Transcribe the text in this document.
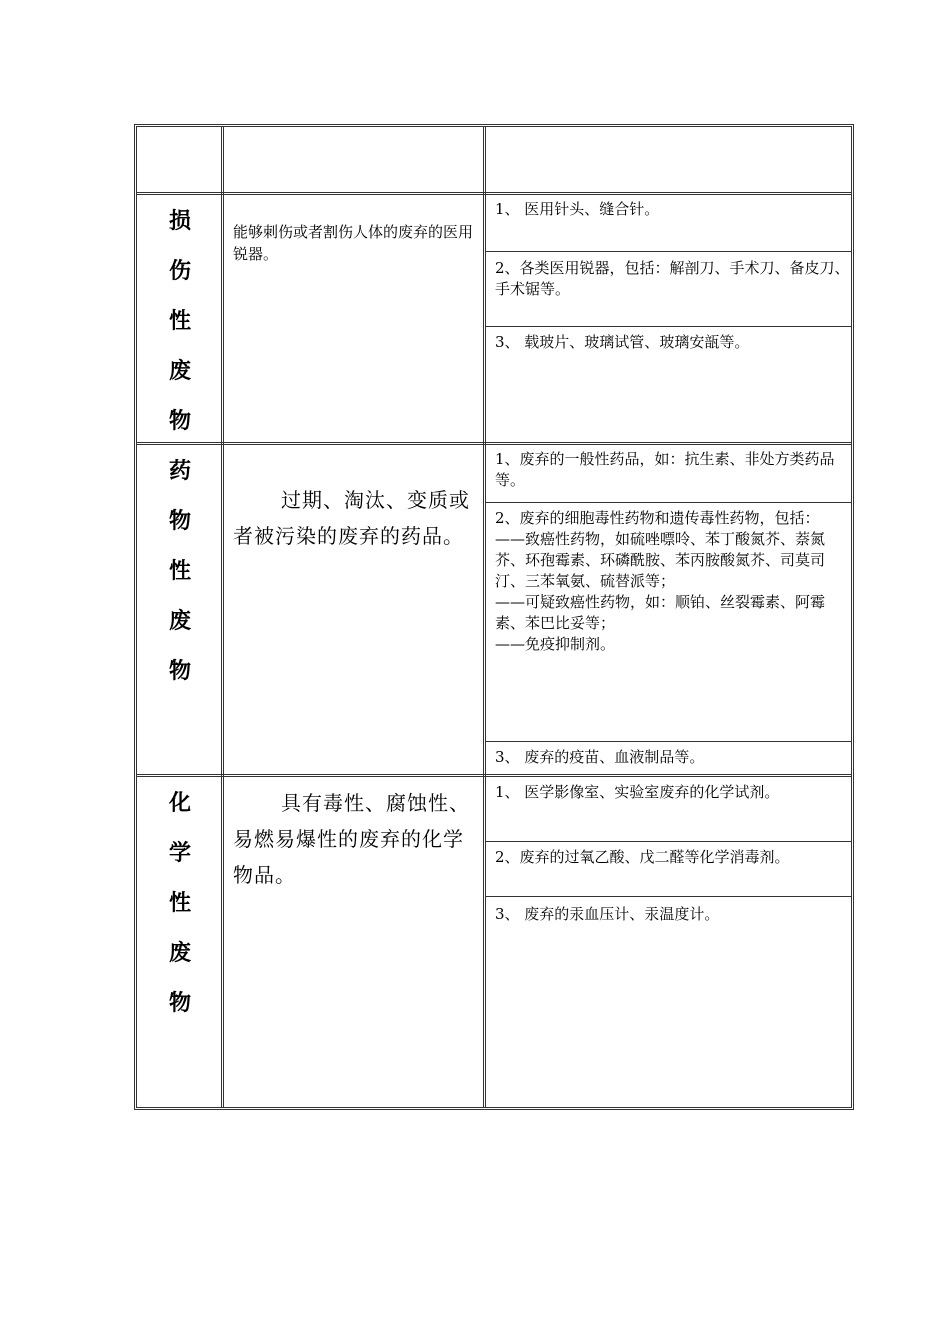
损
伤
性
废
物
能够刺伤或者割伤人体的废弃的医用锐器。
1、 医用针头、缝合针。
2、各类医用锐器，包括：解剖刀、手术刀、备皮刀、手术锯等。
3、 载玻片、玻璃试管、玻璃安瓿等。
药
物
性
废
物
过期、淘汰、变质或者被污染的废弃的药品。
1、废弃的一般性药品，如：抗生素、非处方类药品等。
2、废弃的细胞毒性药物和遗传毒性药物，包括：
——致癌性药物，如硫唑嘌呤、苯丁酸氮芥、萘氮芥、环孢霉素、环磷酰胺、苯丙胺酸氮芥、司莫司汀、三苯氧氨、硫替派等；
——可疑致癌性药物，如：顺铂、丝裂霉素、阿霉素、苯巴比妥等；
——免疫抑制剂。
3、 废弃的疫苗、血液制品等。
化
学
性
废
物
具有毒性、腐蚀性、易燃易爆性的废弃的化学物品。
1、 医学影像室、实验室废弃的化学试剂。
2、废弃的过氧乙酸、戊二醛等化学消毒剂。
3、 废弃的汞血压计、汞温度计。
